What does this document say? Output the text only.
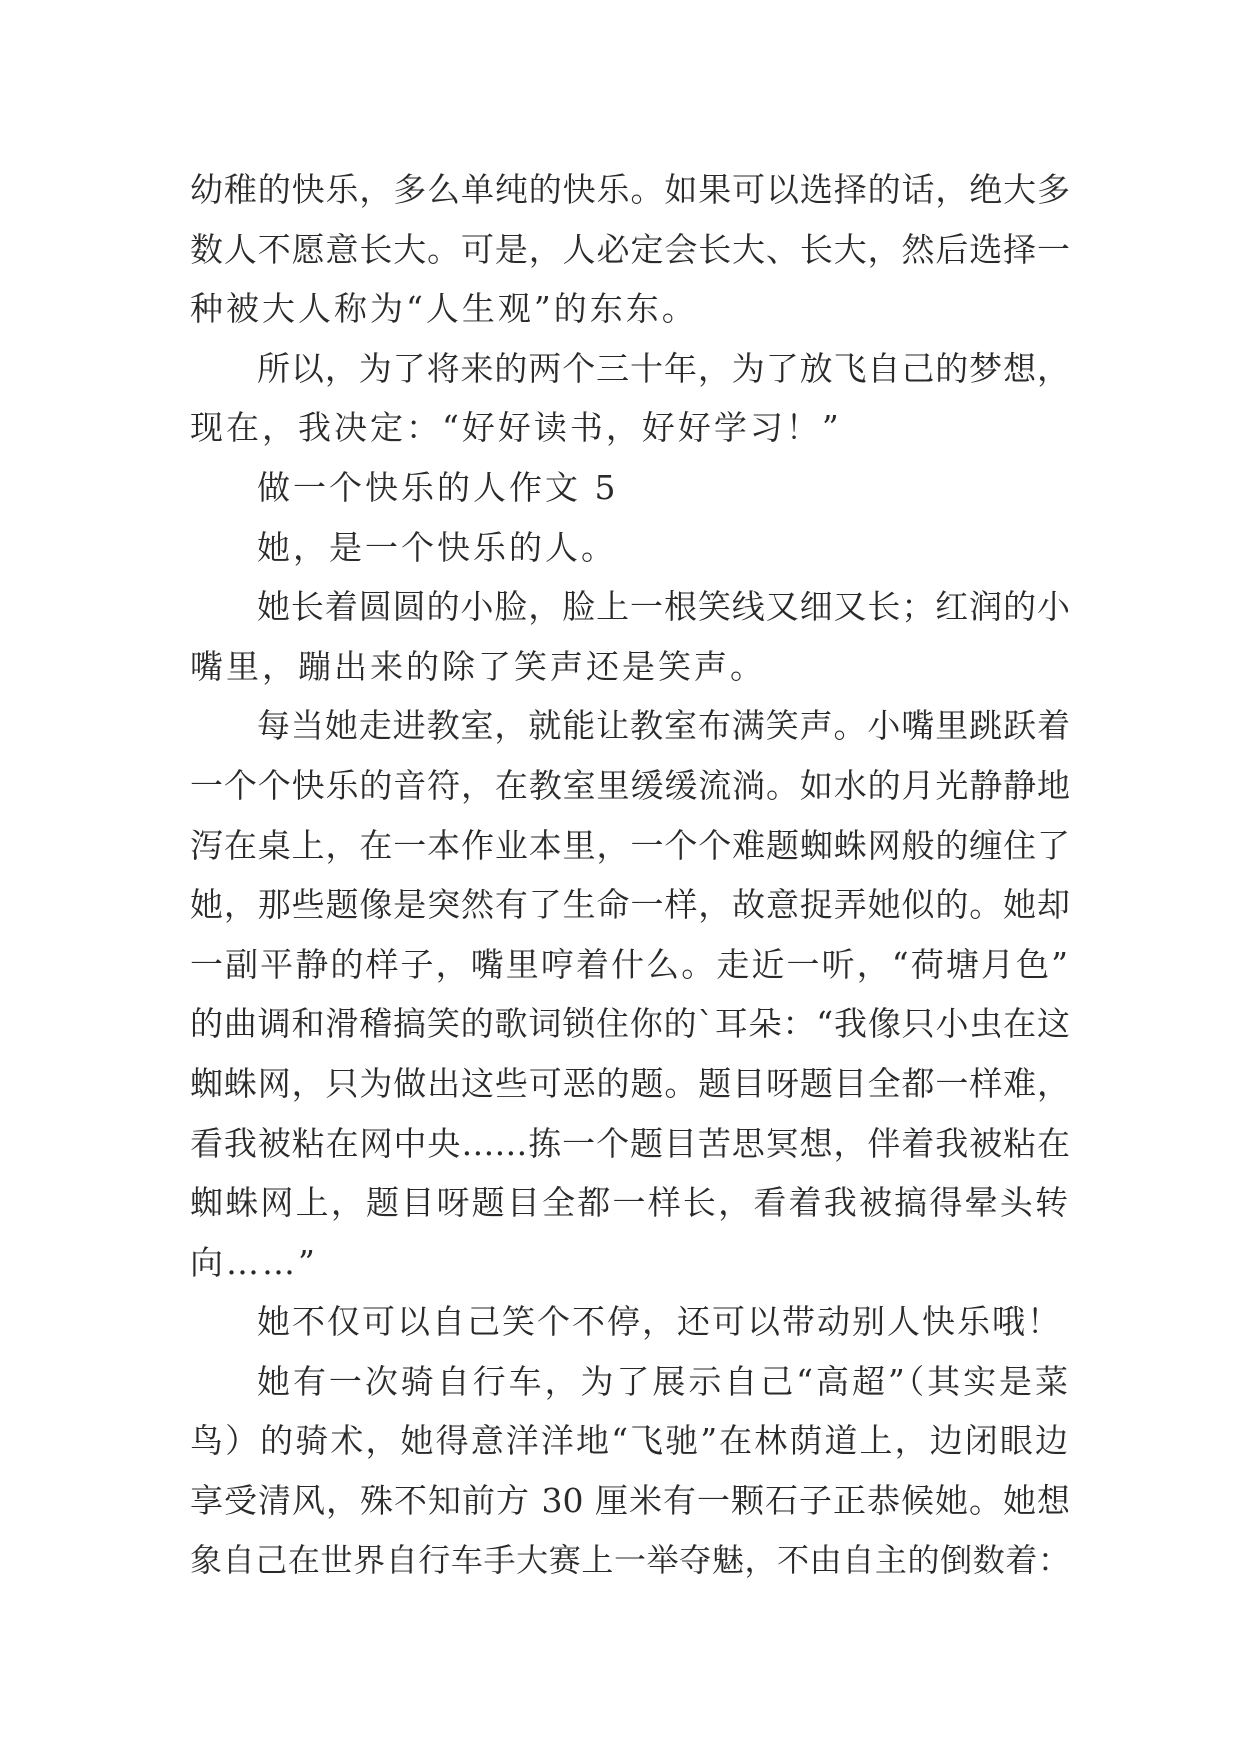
幼稚的快乐，多么单纯的快乐。如果可以选择的话，绝大多
数人不愿意长大。可是，人必定会长大、长大，然后选择一
种被大人称为“人生观”的东东。
所以，为了将来的两个三十年，为了放飞自己的梦想，
现在，我决定：“好好读书，好好学习！”
做一个快乐的人作文 5
她，是一个快乐的人。
她长着圆圆的小脸，脸上一根笑线又细又长；红润的小
嘴里，蹦出来的除了笑声还是笑声。
每当她走进教室，就能让教室布满笑声。小嘴里跳跃着
一个个快乐的音符，在教室里缓缓流淌。如水的月光静静地
泻在桌上，在一本作业本里，一个个难题蜘蛛网般的缠住了
她，那些题像是突然有了生命一样，故意捉弄她似的。她却
一副平静的样子，嘴里哼着什么。走近一听，“荷塘月色”
的曲调和滑稽搞笑的歌词锁住你的`耳朵：“我像只小虫在这
蜘蛛网，只为做出这些可恶的题。题目呀题目全都一样难，
看我被粘在网中央……拣一个题目苦思冥想，伴着我被粘在
蜘蛛网上，题目呀题目全都一样长，看着我被搞得晕头转
向……”
她不仅可以自己笑个不停，还可以带动别人快乐哦！
她有一次骑自行车，为了展示自己“高超”（其实是菜
鸟）的骑术，她得意洋洋地“飞驰”在林荫道上，边闭眼边
享受清风，殊不知前方 30 厘米有一颗石子正恭候她。她想
象自己在世界自行车手大赛上一举夺魅，不由自主的倒数着：
